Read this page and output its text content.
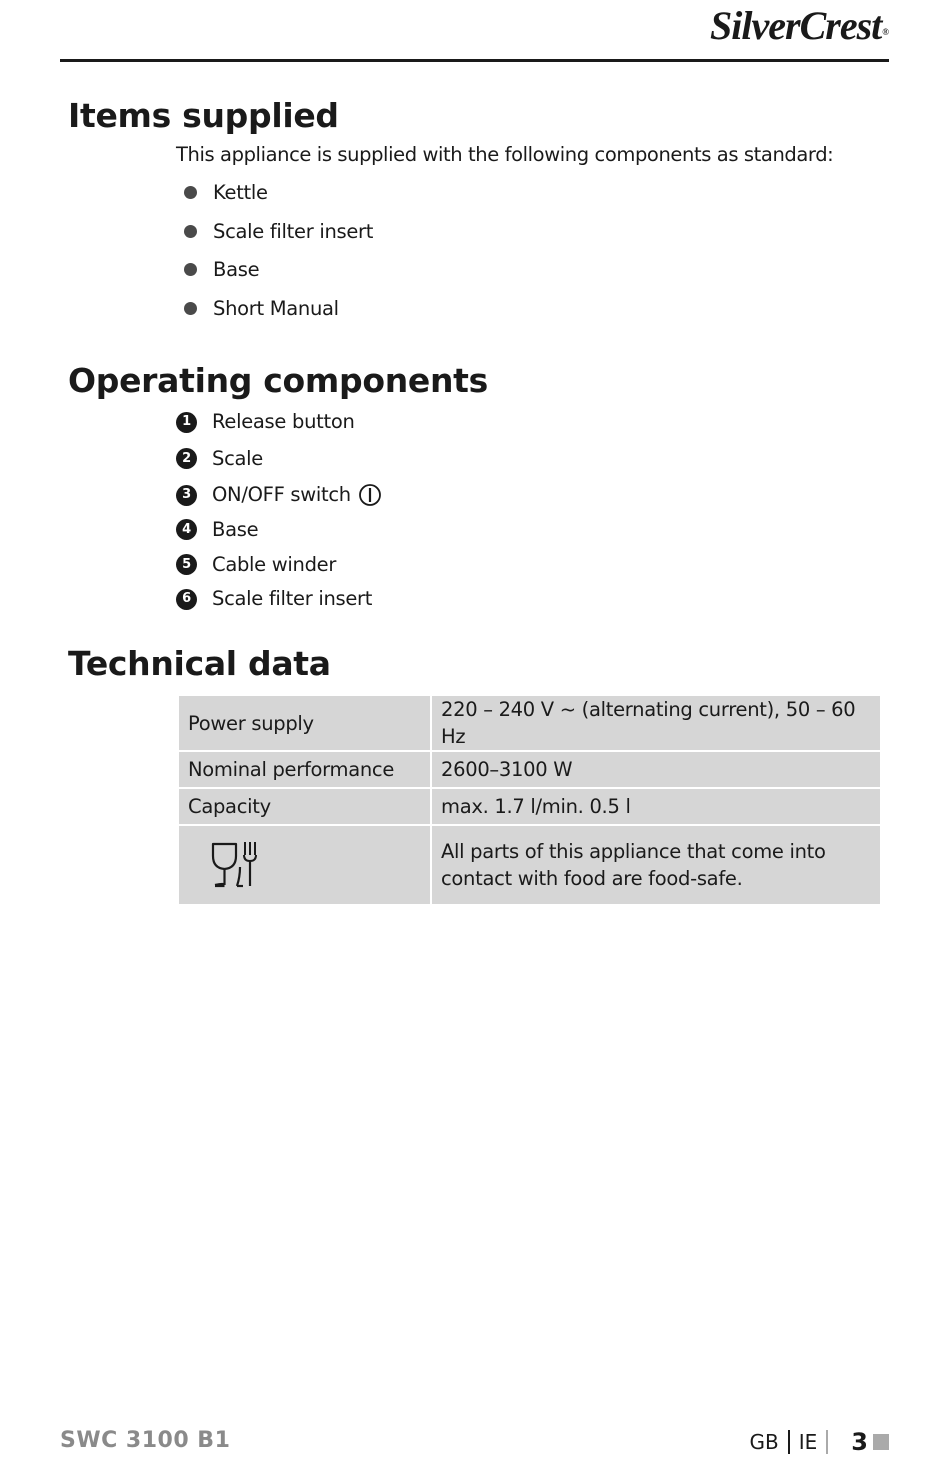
SilverCrest®
Items supplied
This appliance is supplied with the following components as standard:
Kettle
Scale filter insert
Base
Short Manual
Operating components
1	Release button
2	Scale
3	ON/OFF switch
4	Base
5	Cable winder
6	Scale filter insert
Technical data
Power supply	220 – 240 V ~ (alternating current), 50 – 60 Hz
Nominal performance	2600–3100 W
Capacity	max. 1.7 l/min. 0.5 l

	All parts of this appliance that come into contact with food are food-safe.
SWC 3100 B1	GB IE 3
